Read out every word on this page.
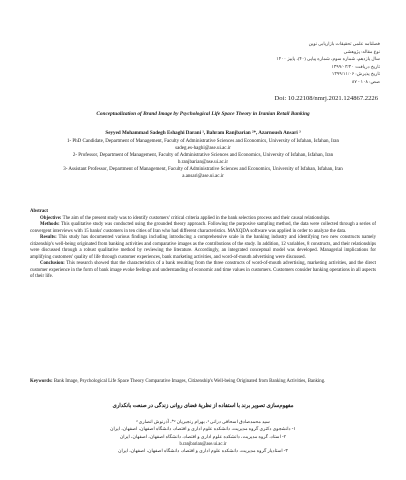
فصلنامه علمی تحقیقات بازاریابی نوین
نوع مقاله: پژوهشی
سال یازدهم، شماره سوم، شماره پیاپی (۴۰)، پاییز ۱۴۰۰
تاریخ دریافت: ۱۳۹۹/۰۳/۳۰
تاریخ پذیرش: ۱۳۹۹/۱۱/۰۶
صص: ۱۰۸ - ۸۷
Doi: 10.22108/nmrj.2021.124867.2226
Conceptualization of Brand Image by Psychological Life Space Theory in Iranian Retail Banking
Seyyed Mohammad Sadegh Eshaghi Darani ¹, Bahram Ranjbarian ²*, Azarnoush Ansari ³
1- PhD Candidate, Department of Management, Faculty of Administrative Sciences and Economics, University of Isfahan, Isfahan, Iran
sadeg.es-haghi@ase.ui.ac.ir
2- Professor, Department of Management, Faculty of Administrative Sciences and Economics, University of Isfahan, Isfahan, Iran
b.ranjbarian@ase.ui.ac.ir
3- Assistant Professor, Department of Management, Faculty of Administrative Sciences and Economics, University of Isfahan, Isfahan, Iran
a.ansari@ase.ui.ac.ir

Abstract

Objective: The aim of the present study was to identify customers' critical criteria applied in the bank selection process and their causal relationships.

Methods: This qualitative study was conducted using the grounded theory approach. Following the purposive sampling method, the data were collected through a series of convergent interviews with 15 banks' customers in ten cities of Iran who had different characteristics. MAXQDA software was applied in order to analyze the data.

Results: This study has documented various findings including introducing a comprehensive scale in the banking industry and identifying two new constructs namely citizenship's well-being originated from banking activities and comparative images as the contributions of the study. In addition, 12 variables, 8 constructs, and their relationships were discussed through a robust qualitative method by reviewing the literature. Accordingly, an integrated conceptual model was developed. Managerial implications for amplifying customers' quality of life through customer experiences, bank marketing activities, and word-of-mouth advertising were discussed.

Conclusion: This research showed that the characteristics of a bank resulting from the three constructs of word-of-mouth advertising, marketing activities, and the direct customer experience in the form of bank image evoke feelings and understanding of economic and time values in customers. Customers consider banking operations in all aspects of their life.

Keywords: Bank Image, Psychological Life Space Theory Comparative Images, Citizenship's Well-being Originated from Banking Activities, Banking.
مفهوم‌سازی تصویر برند با استفاده از نظریهٔ فضای روانی زندگی در صنعت بانکداری
سید محمدصادق اسحاقی درانی ¹، بهرام رنجبریان ²*، آذرنوش انصاری ³
۱- دانشجوی دکتری گروه مدیریت، دانشکده علوم اداری و اقتصاد، دانشگاه اصفهان، اصفهان، ایران
۲- استاد، گروه مدیریت، دانشکده علوم اداری و اقتصاد، دانشگاه اصفهان، اصفهان، ایران
b.ranjbarian@ase.ui.ac.ir
۳- استادیار گروه مدیریت، دانشکده علوم اداری و اقتصاد، دانشگاه اصفهان، اصفهان، ایران
